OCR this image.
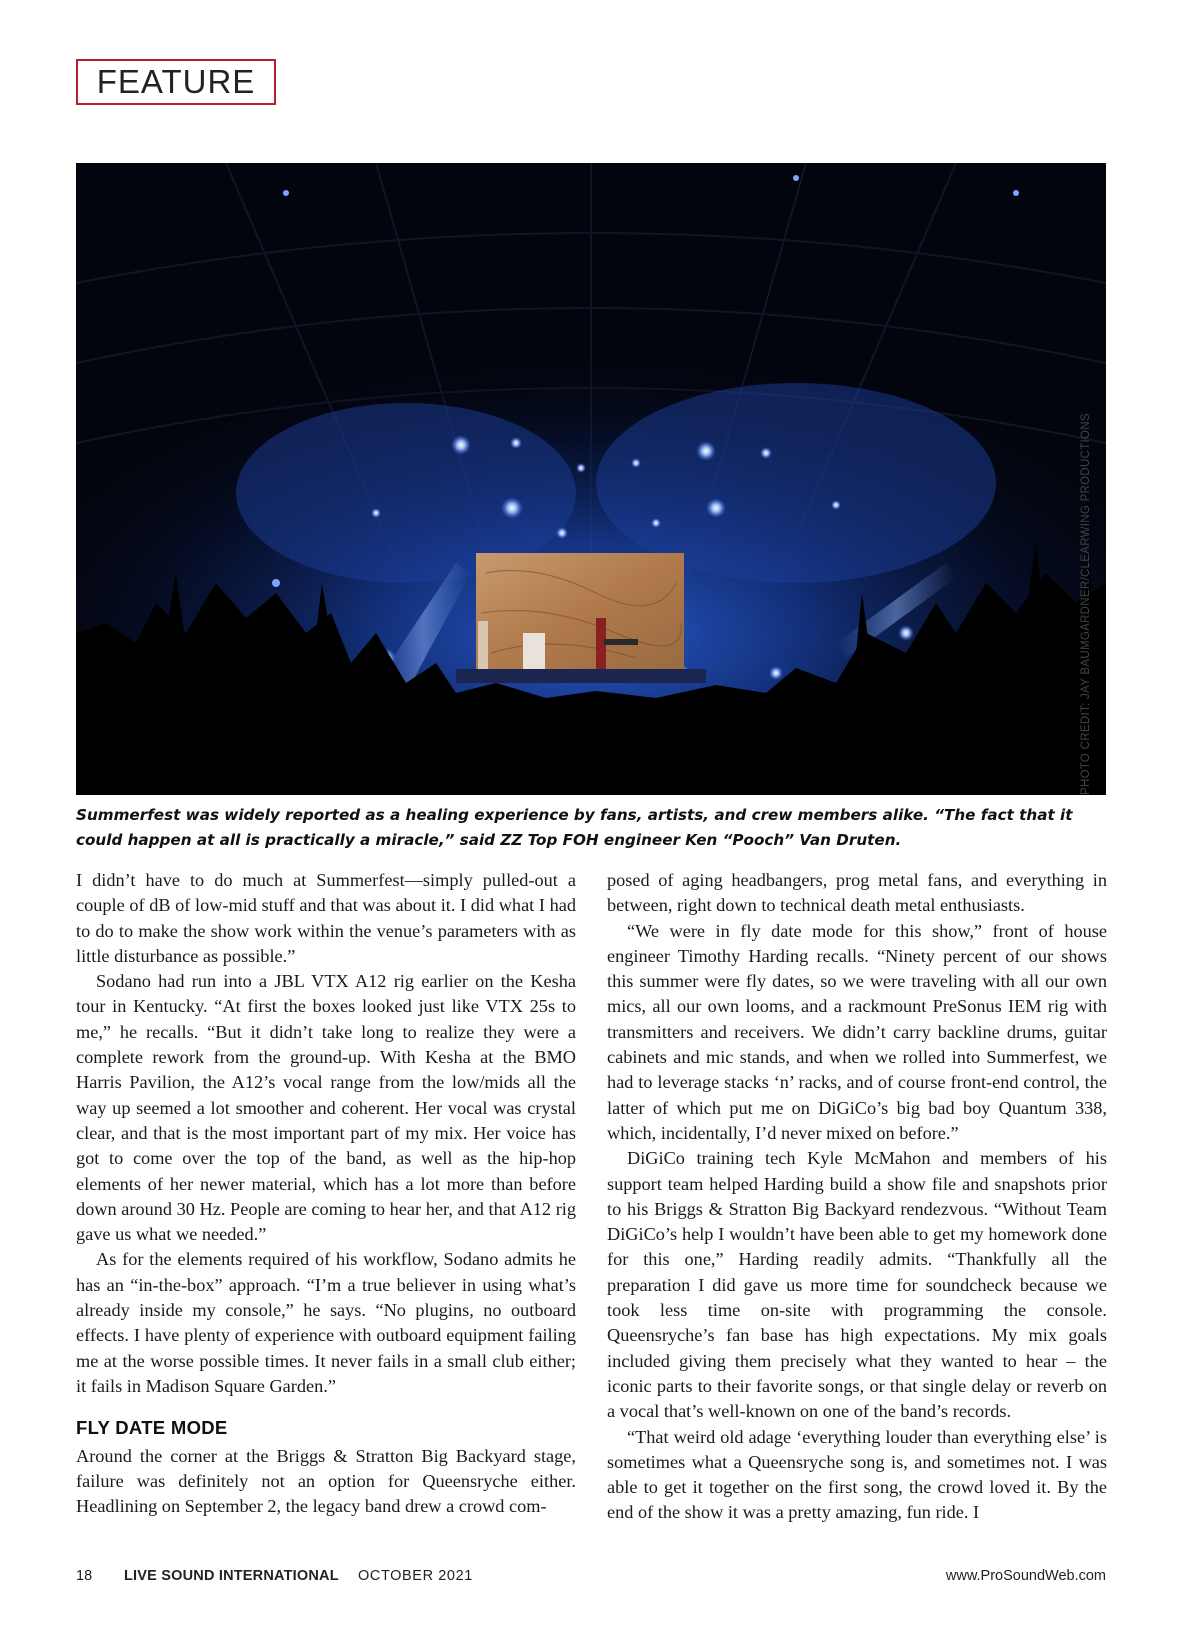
FEATURE
PHOTO CREDIT: JAY BAUMGARDNER/CLEARWING PRODUCTIONS
Summerfest was widely reported as a healing experience by fans, artists, and crew members alike. “The fact that it could happen at all is practically a miracle,” said ZZ Top FOH engineer Ken “Pooch” Van Druten.

I didn’t have to do much at Summerfest—simply pulled-out a couple of dB of low-mid stuff and that was about it. I did what I had to do to make the show work within the venue’s parameters with as little disturbance as possible.”

Sodano had run into a JBL VTX A12 rig earlier on the Kesha tour in Kentucky. “At first the boxes looked just like VTX 25s to me,” he recalls. “But it didn’t take long to realize they were a complete rework from the ground-up. With Kesha at the BMO Harris Pavilion, the A12’s vocal range from the low/mids all the way up seemed a lot smoother and coherent. Her vocal was crystal clear, and that is the most important part of my mix. Her voice has got to come over the top of the band, as well as the hip-hop elements of her newer material, which has a lot more than before down around 30 Hz. People are coming to hear her, and that A12 rig gave us what we needed.”

As for the elements required of his workflow, Sodano admits he has an “in-the-box” approach. “I’m a true believer in using what’s already inside my console,” he says. “No plugins, no outboard effects. I have plenty of experience with outboard equipment failing me at the worse possible times. It never fails in a small club either; it fails in Madison Square Garden.”

FLY DATE MODE

Around the corner at the Briggs & Stratton Big Backyard stage, failure was definitely not an option for Queensryche either. Headlining on September 2, the legacy band drew a crowd com-

posed of aging headbangers, prog metal fans, and everything in between, right down to technical death metal enthusiasts.

“We were in fly date mode for this show,” front of house engineer Timothy Harding recalls. “Ninety percent of our shows this summer were fly dates, so we were traveling with all our own mics, all our own looms, and a rackmount PreSonus IEM rig with transmitters and receivers. We didn’t carry backline drums, guitar cabinets and mic stands, and when we rolled into Summerfest, we had to leverage stacks ‘n’ racks, and of course front-end control, the latter of which put me on DiGiCo’s big bad boy Quantum 338, which, incidentally, I’d never mixed on before.”

DiGiCo training tech Kyle McMahon and members of his support team helped Harding build a show file and snapshots prior to his Briggs & Stratton Big Backyard rendezvous. “Without Team DiGiCo’s help I wouldn’t have been able to get my homework done for this one,” Harding readily admits. “Thankfully all the preparation I did gave us more time for soundcheck because we took less time on-site with programming the console. Queensryche’s fan base has high expectations. My mix goals included giving them precisely what they wanted to hear – the iconic parts to their favorite songs, or that single delay or reverb on a vocal that’s well-known on one of the band’s records.

“That weird old adage ‘everything louder than everything else’ is sometimes what a Queensryche song is, and sometimes not. I was able to get it together on the first song, the crowd loved it. By the end of the show it was a pretty amazing, fun ride. I

18 LIVE SOUND INTERNATIONAL OCTOBER 2021	www.ProSoundWeb.com
